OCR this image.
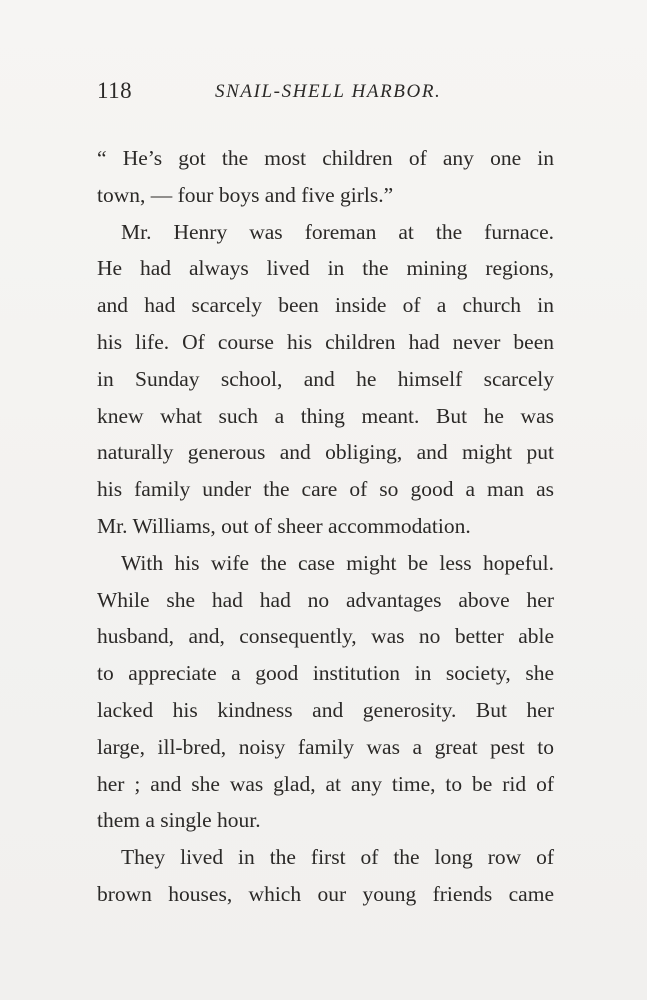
118	SNAIL-SHELL HARBOR.
“ He’s got the most children of any one in
town, — four boys and five girls.”
Mr. Henry was foreman at the furnace.
He had always lived in the mining regions,
and had scarcely been inside of a church in
his life. Of course his children had never been
in Sunday school, and he himself scarcely
knew what such a thing meant. But he was
naturally generous and obliging, and might put
his family under the care of so good a man as
Mr. Williams, out of sheer accommodation.
With his wife the case might be less hopeful.
While she had had no advantages above her
husband, and, consequently, was no better able
to appreciate a good institution in society, she
lacked his kindness and generosity. But her
large, ill-bred, noisy family was a great pest to
her ; and she was glad, at any time, to be rid of
them a single hour.
They lived in the first of the long row of
brown houses, which our young friends came
